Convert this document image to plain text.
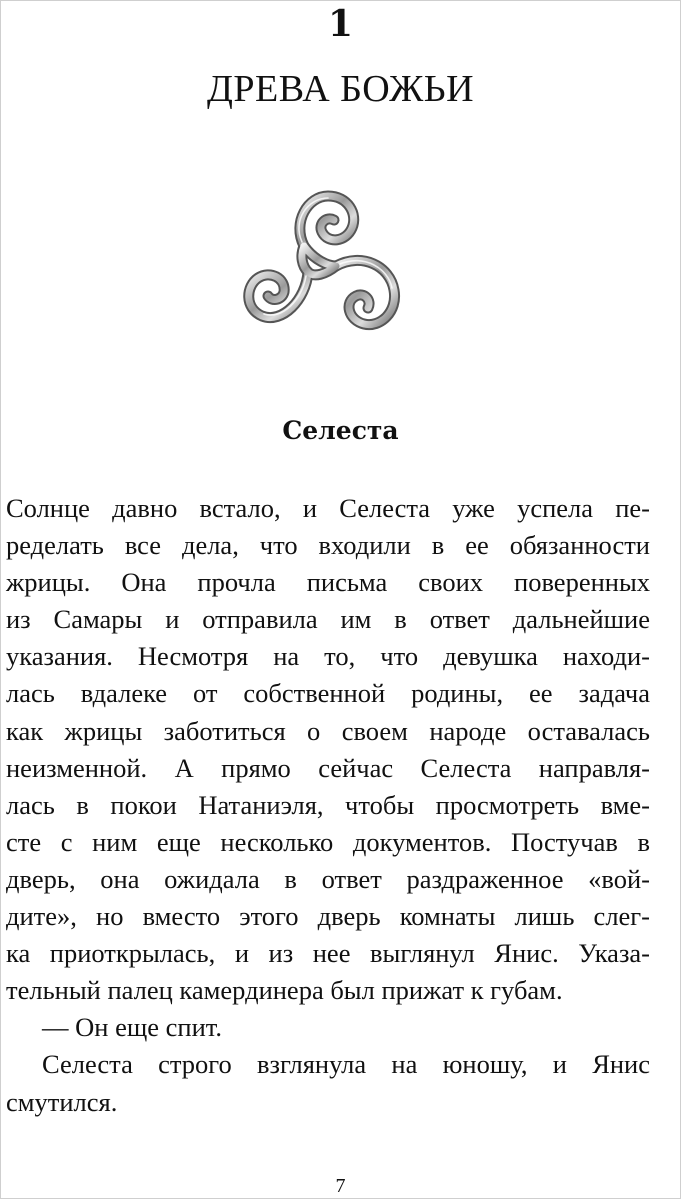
1
ДРЕВА БОЖЬИ
Селеста
Солнце давно встало, и Селеста уже успела пе-
ределать все дела, что входили в ее обязанности
жрицы. Она прочла письма своих поверенных
из Самары и отправила им в ответ дальнейшие
указания. Несмотря на то, что девушка находи-
лась вдалеке от собственной родины, ее задача
как жрицы заботиться о своем народе оставалась
неизменной. А прямо сейчас Селеста направля-
лась в покои Натаниэля, чтобы просмотреть вме-
сте с ним еще несколько документов. Постучав в
дверь, она ожидала в ответ раздраженное «вой-
дите», но вместо этого дверь комнаты лишь слег-
ка приоткрылась, и из нее выглянул Янис. Указа-
тельный палец камердинера был прижат к губам.
— Он еще спит.
Селеста строго взглянула на юношу, и Янис
смутился.
7
